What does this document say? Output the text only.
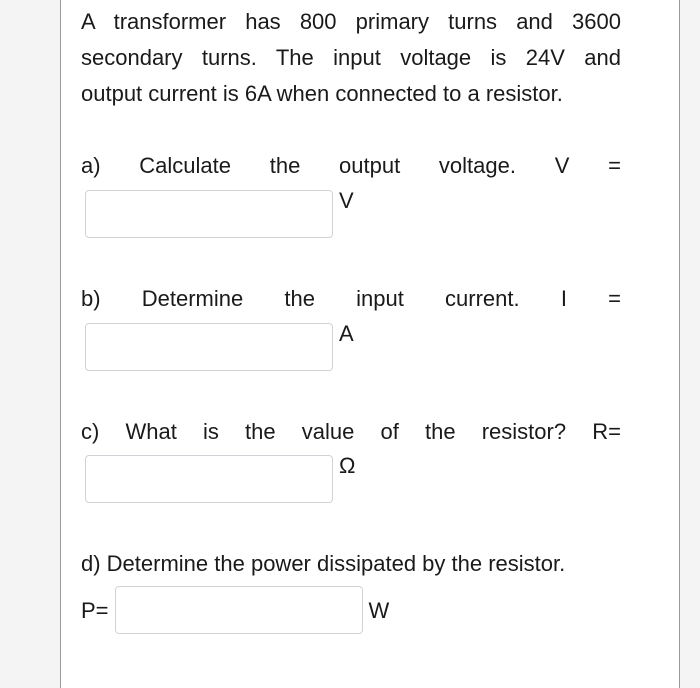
A transformer has 800 primary turns and 3600
secondary turns. The input voltage is 24V and
output current is 6A when connected to a resistor.
a) Calculate the output voltage. V =
V
b) Determine the input current. I =
A
c) What is the value of the resistor? R=
Ω
d) Determine the power dissipated by the resistor.
P=	W
